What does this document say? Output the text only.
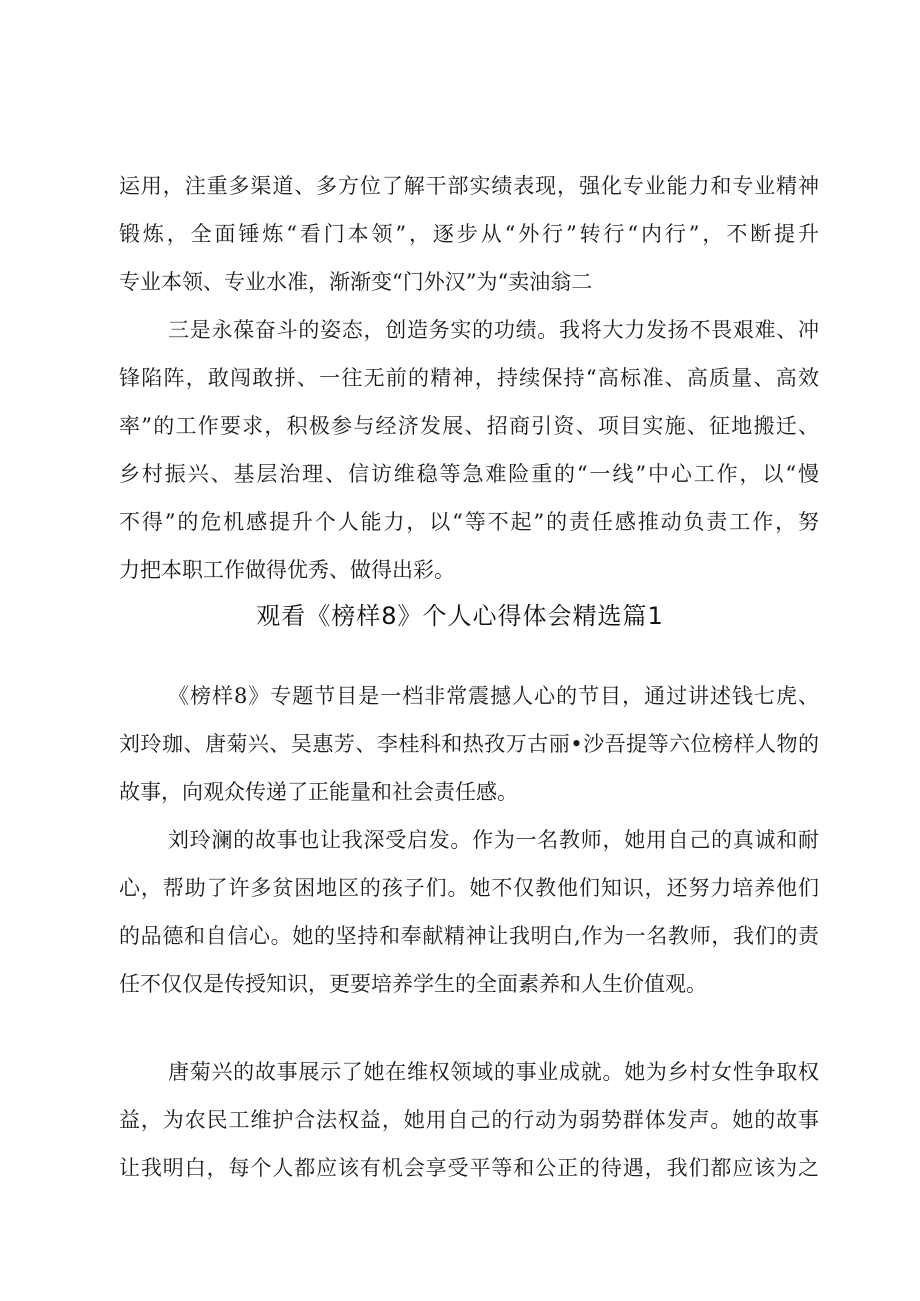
运用，注重多渠道、多方位了解干部实绩表现，强化专业能力和专业精神
锻炼，全面锤炼“看门本领”，逐步从“外行”转行“内行”，不断提升
专业本领、专业水准，渐渐变“门外汉”为“卖油翁二
三是永葆奋斗的姿态，创造务实的功绩。我将大力发扬不畏艰难、冲
锋陷阵，敢闯敢拼、一往无前的精神，持续保持“高标准、高质量、高效
率”的工作要求，积极参与经济发展、招商引资、项目实施、征地搬迁、
乡村振兴、基层治理、信访维稳等急难险重的“一线”中心工作，以“慢
不得”的危机感提升个人能力，以“等不起”的责任感推动负责工作，努
力把本职工作做得优秀、做得出彩。
观看《榜样8》个人心得体会精选篇1
《榜样8》专题节目是一档非常震撼人心的节目，通过讲述钱七虎、
刘玲珈、唐菊兴、吴惠芳、李桂科和热孜万古丽•沙吾提等六位榜样人物的
故事，向观众传递了正能量和社会责任感。
刘玲澜的故事也让我深受启发。作为一名教师，她用自己的真诚和耐
心，帮助了许多贫困地区的孩子们。她不仅教他们知识，还努力培养他们
的品德和自信心。她的坚持和奉献精神让我明白,作为一名教师，我们的责
任不仅仅是传授知识，更要培养学生的全面素养和人生价值观。
唐菊兴的故事展示了她在维权领域的事业成就。她为乡村女性争取权
益，为农民工维护合法权益，她用自己的行动为弱势群体发声。她的故事
让我明白，每个人都应该有机会享受平等和公正的待遇，我们都应该为之
